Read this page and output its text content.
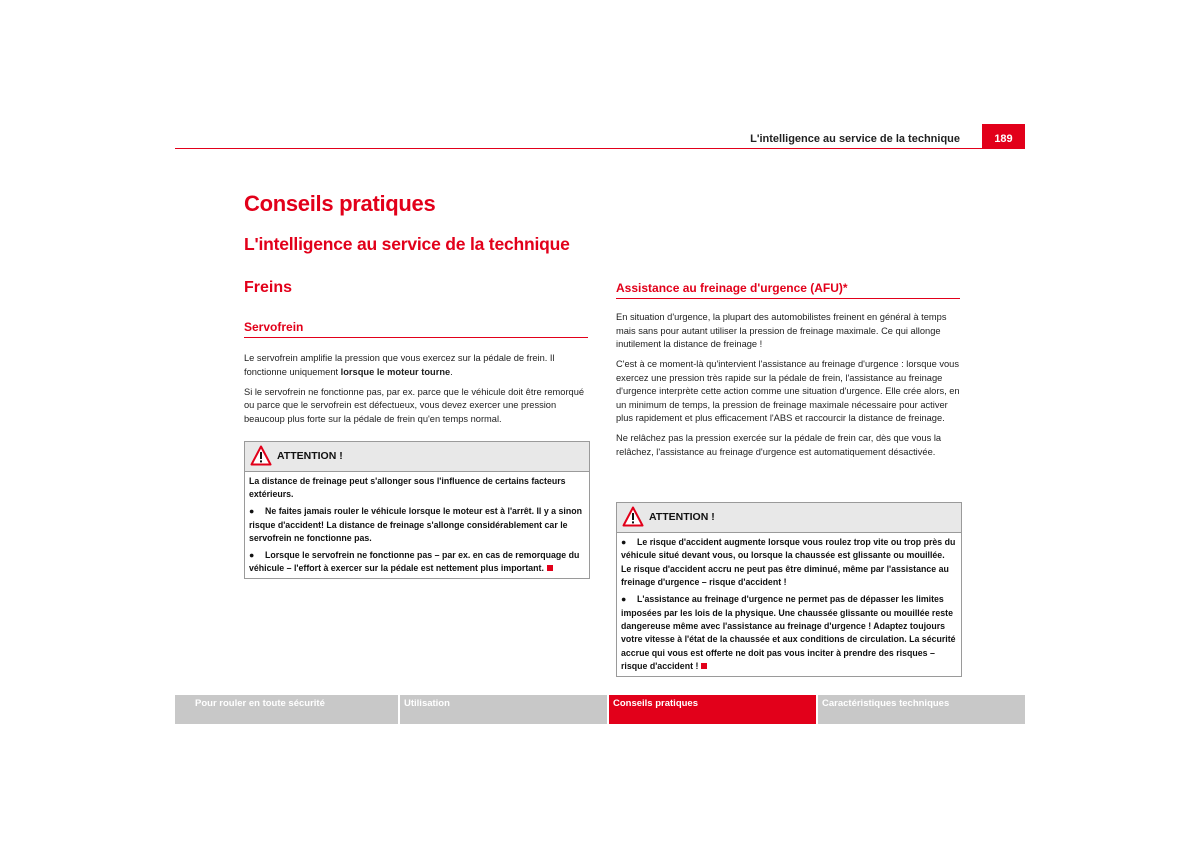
L'intelligence au service de la technique	189
Conseils pratiques
L'intelligence au service de la technique
Freins
Servofrein

Le servofrein amplifie la pression que vous exercez sur la pédale de frein. Il fonctionne uniquement lorsque le moteur tourne.

Si le servofrein ne fonctionne pas, par ex. parce que le véhicule doit être remorqué ou parce que le servofrein est défectueux, vous devez exercer une pression beaucoup plus forte sur la pédale de frein qu'en temps normal.

ATTENTION !

La distance de freinage peut s'allonger sous l'influence de certains facteurs extérieurs.

● Ne faites jamais rouler le véhicule lorsque le moteur est à l'arrêt. Il y a sinon risque d'accident! La distance de freinage s'allonge considérablement car le servofrein ne fonctionne pas.

● Lorsque le servofrein ne fonctionne pas – par ex. en cas de remorquage du véhicule – l'effort à exercer sur la pédale est nettement plus important.

Assistance au freinage d'urgence (AFU)*

En situation d'urgence, la plupart des automobilistes freinent en général à temps mais sans pour autant utiliser la pression de freinage maximale. Ce qui allonge inutilement la distance de freinage !

C'est à ce moment-là qu'intervient l'assistance au freinage d'urgence : lorsque vous exercez une pression très rapide sur la pédale de frein, l'assistance au freinage d'urgence interprète cette action comme une situation d'urgence. Elle crée alors, en un minimum de temps, la pression de freinage maximale nécessaire pour activer plus rapidement et plus efficacement l'ABS et raccourcir la distance de freinage.

Ne relâchez pas la pression exercée sur la pédale de frein car, dès que vous la relâchez, l'assistance au freinage d'urgence est automatiquement désactivée.

ATTENTION !

● Le risque d'accident augmente lorsque vous roulez trop vite ou trop près du véhicule situé devant vous, ou lorsque la chaussée est glissante ou mouillée. Le risque d'accident accru ne peut pas être diminué, même par l'assistance au freinage d'urgence – risque d'accident !

● L'assistance au freinage d'urgence ne permet pas de dépasser les limites imposées par les lois de la physique. Une chaussée glissante ou mouillée reste dangereuse même avec l'assistance au freinage d'urgence ! Adaptez toujours votre vitesse à l'état de la chaussée et aux conditions de circulation. La sécurité accrue qui vous est offerte ne doit pas vous inciter à prendre des risques – risque d'accident !

Pour rouler en toute sécurité	Utilisation	Conseils pratiques	Caractéristiques techniques
